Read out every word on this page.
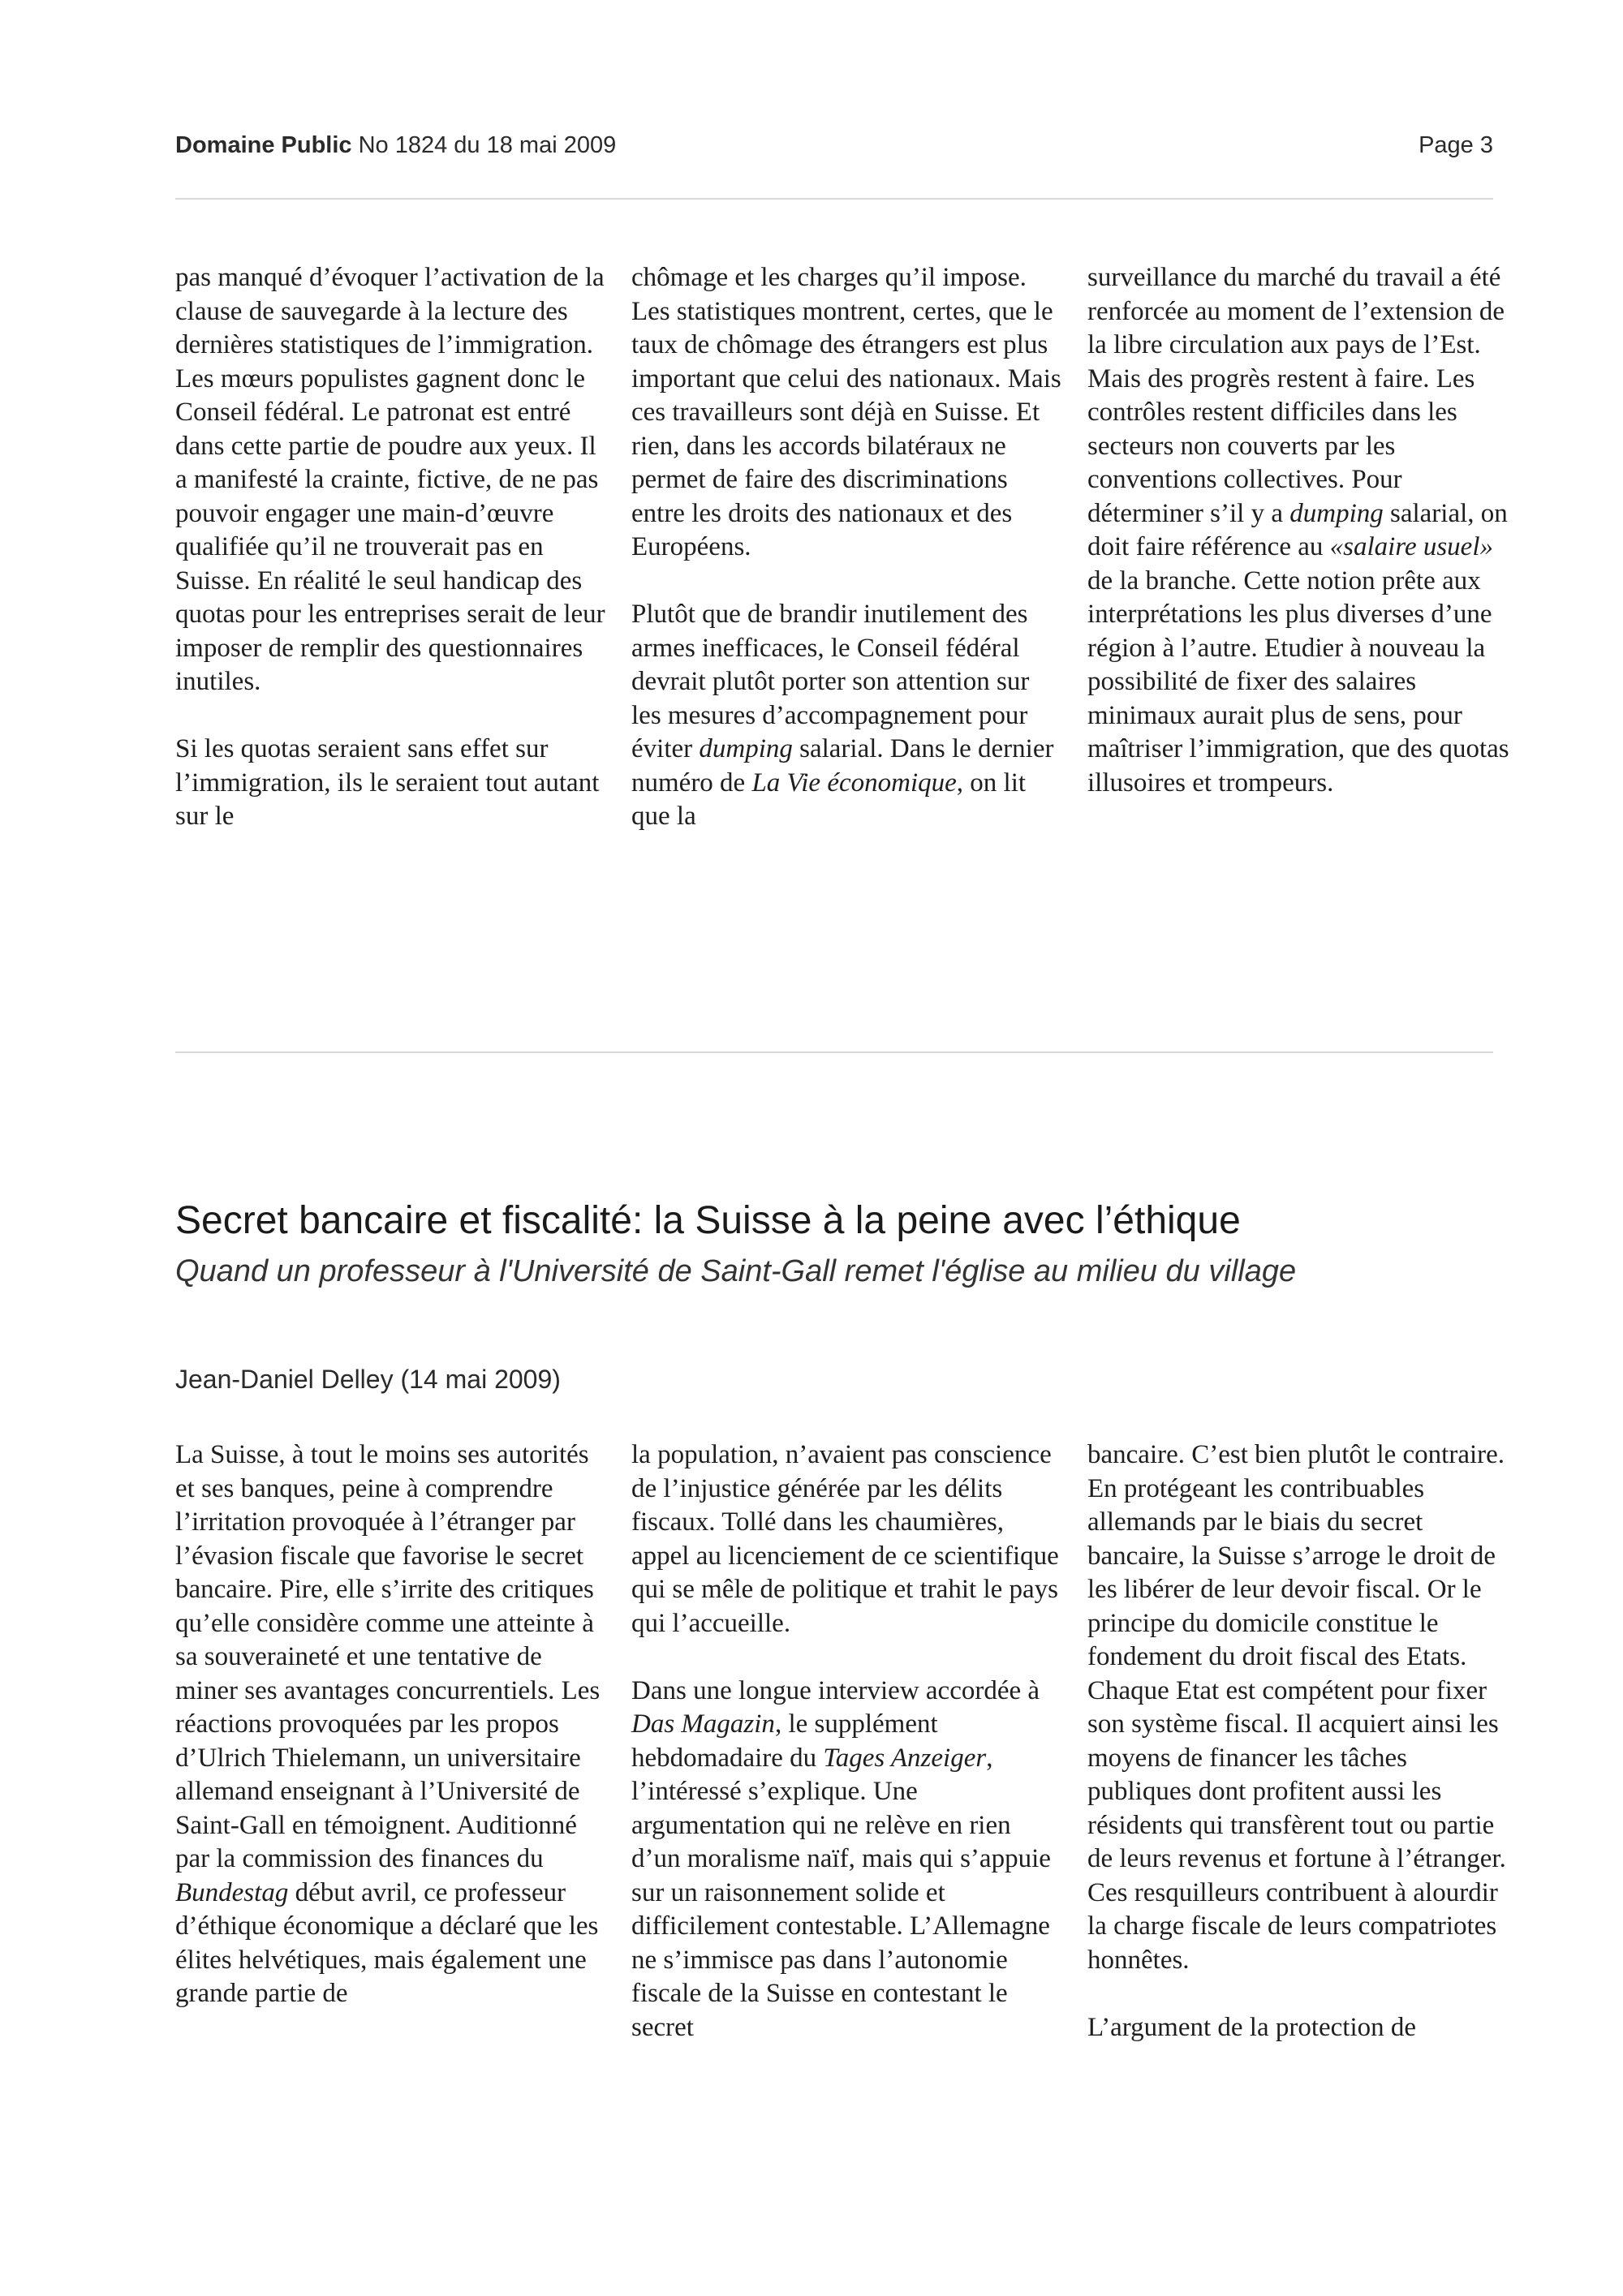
Domaine Public No 1824 du 18 mai 2009	Page 3

pas manqué d’évoquer l’activation de la clause de sauvegarde à la lecture des dernières statistiques de l’immigration. Les mœurs populistes gagnent donc le Conseil fédéral. Le patronat est entré dans cette partie de poudre aux yeux. Il a manifesté la crainte, fictive, de ne pas pouvoir engager une main-d’œuvre qualifiée qu’il ne trouverait pas en Suisse. En réalité le seul handicap des quotas pour les entreprises serait de leur imposer de remplir des questionnaires inutiles.

Si les quotas seraient sans effet sur l’immigration, ils le seraient tout autant sur le

chômage et les charges qu’il impose. Les statistiques montrent, certes, que le taux de chômage des étrangers est plus important que celui des nationaux. Mais ces travailleurs sont déjà en Suisse. Et rien, dans les accords bilatéraux ne permet de faire des discriminations entre les droits des nationaux et des Européens.

Plutôt que de brandir inutilement des armes inefficaces, le Conseil fédéral devrait plutôt porter son attention sur les mesures d’accompagnement pour éviter dumping salarial. Dans le dernier numéro de La Vie économique, on lit que la

surveillance du marché du travail a été renforcée au moment de l’extension de la libre circulation aux pays de l’Est. Mais des progrès restent à faire. Les contrôles restent difficiles dans les secteurs non couverts par les conventions collectives. Pour déterminer s’il y a dumping salarial, on doit faire référence au «salaire usuel» de la branche. Cette notion prête aux interprétations les plus diverses d’une région à l’autre. Etudier à nouveau la possibilité de fixer des salaires minimaux aurait plus de sens, pour maîtriser l’immigration, que des quotas illusoires et trompeurs.

Secret bancaire et fiscalité: la Suisse à la peine avec l’éthique
Quand un professeur à l'Université de Saint-Gall remet l'église au milieu du village
Jean-Daniel Delley (14 mai 2009)

La Suisse, à tout le moins ses autorités et ses banques, peine à comprendre l’irritation provoquée à l’étranger par l’évasion fiscale que favorise le secret bancaire. Pire, elle s’irrite des critiques qu’elle considère comme une atteinte à sa souveraineté et une tentative de miner ses avantages concurrentiels. Les réactions provoquées par les propos d’Ulrich Thielemann, un universitaire allemand enseignant à l’Université de Saint-Gall en témoignent. Auditionné par la commission des finances du Bundestag début avril, ce professeur d’éthique économique a déclaré que les élites helvétiques, mais également une grande partie de

la population, n’avaient pas conscience de l’injustice générée par les délits fiscaux. Tollé dans les chaumières, appel au licenciement de ce scientifique qui se mêle de politique et trahit le pays qui l’accueille.

Dans une longue interview accordée à Das Magazin, le supplément hebdomadaire du Tages Anzeiger, l’intéressé s’explique. Une argumentation qui ne relève en rien d’un moralisme naïf, mais qui s’appuie sur un raisonnement solide et difficilement contestable. L’Allemagne ne s’immisce pas dans l’autonomie fiscale de la Suisse en contestant le secret

bancaire. C’est bien plutôt le contraire. En protégeant les contribuables allemands par le biais du secret bancaire, la Suisse s’arroge le droit de les libérer de leur devoir fiscal. Or le principe du domicile constitue le fondement du droit fiscal des Etats. Chaque Etat est compétent pour fixer son système fiscal. Il acquiert ainsi les moyens de financer les tâches publiques dont profitent aussi les résidents qui transfèrent tout ou partie de leurs revenus et fortune à l’étranger. Ces resquilleurs contribuent à alourdir la charge fiscale de leurs compatriotes honnêtes.

L’argument de la protection de
